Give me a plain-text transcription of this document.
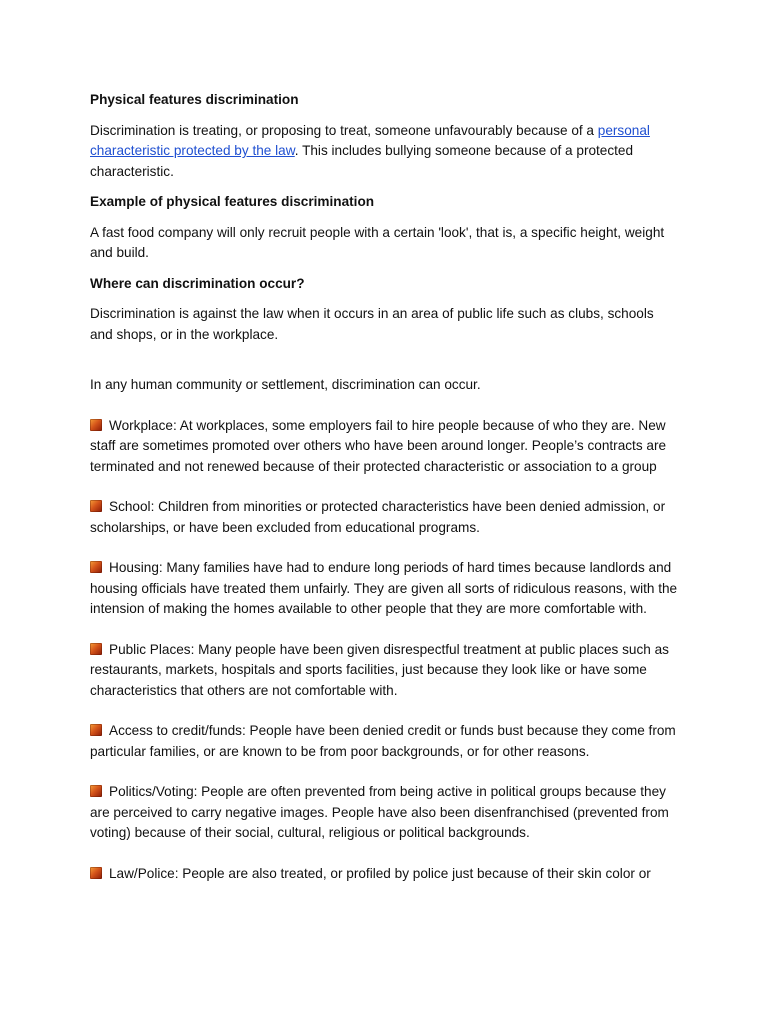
Physical features discrimination
Discrimination is treating, or proposing to treat, someone unfavourably because of a personal characteristic protected by the law. This includes bullying someone because of a protected characteristic.
Example of physical features discrimination
A fast food company will only recruit people with a certain 'look', that is, a specific height, weight and build.
Where can discrimination occur?
Discrimination is against the law when it occurs in an area of public life such as clubs, schools and shops, or in the workplace.
In any human community or settlement, discrimination can occur.
Workplace: At workplaces, some employers fail to hire people because of who they are. New staff are sometimes promoted over others who have been around longer. People’s contracts are terminated and not renewed because of their protected characteristic or association to a group
School: Children from minorities or protected characteristics have been denied admission, or scholarships, or have been excluded from educational programs.
Housing: Many families have had to endure long periods of hard times because landlords and housing officials have treated them unfairly. They are given all sorts of ridiculous reasons, with the intension of making the homes available to other people that they are more comfortable with.
Public Places: Many people have been given disrespectful treatment at public places such as restaurants, markets, hospitals and sports facilities, just because they look like or have some characteristics that others are not comfortable with.
Access to credit/funds: People have been denied credit or funds bust because they come from particular families, or are known to be from poor backgrounds, or for other reasons.
Politics/Voting: People are often prevented from being active in political groups because they are perceived to carry negative images. People have also been disenfranchised (prevented from voting) because of their social, cultural, religious or political backgrounds.
Law/Police: People are also treated, or profiled by police just because of their skin color or
